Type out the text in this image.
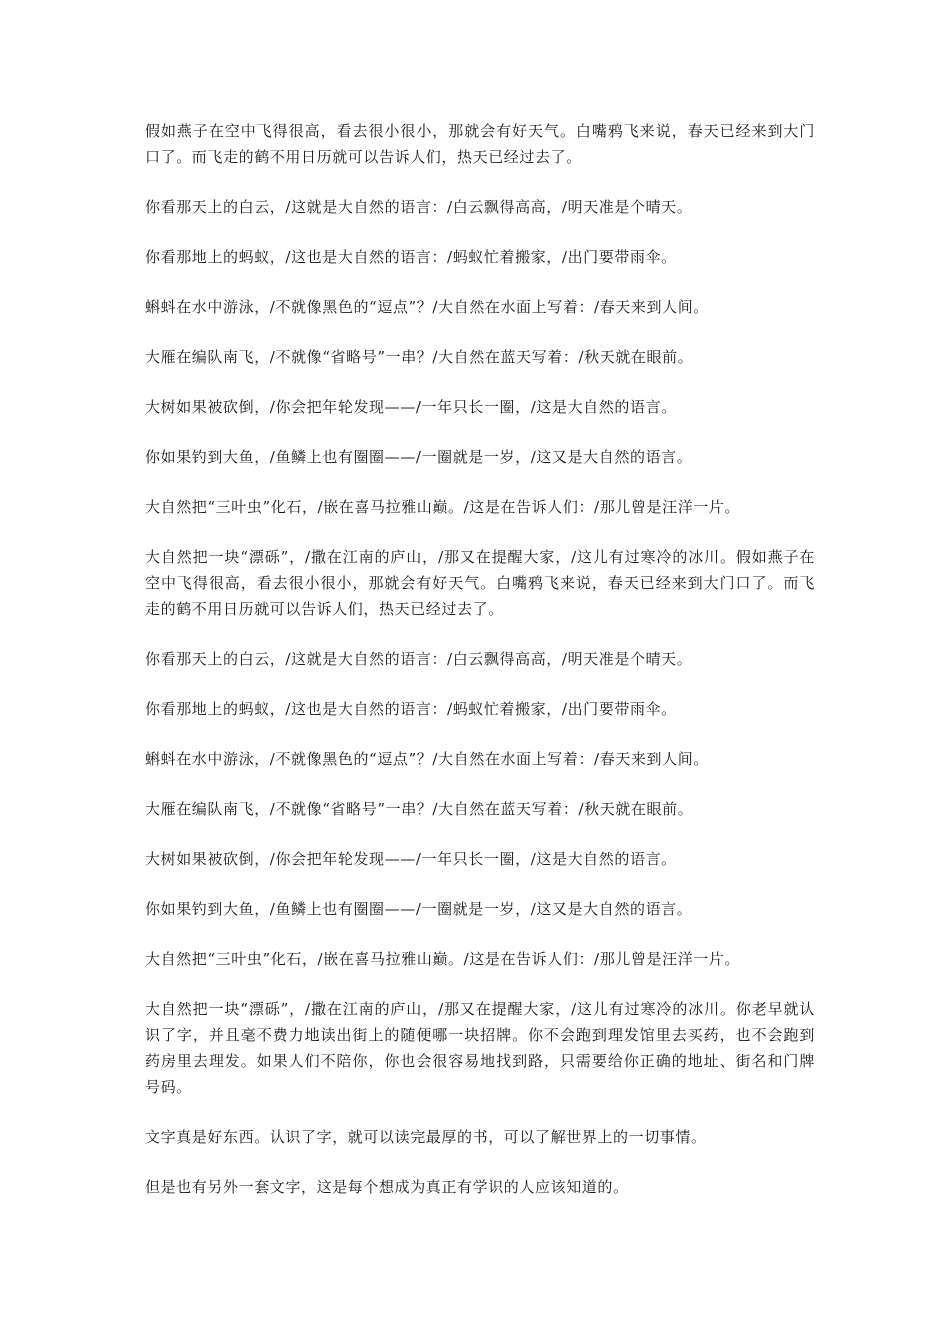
假如燕子在空中飞得很高，看去很小很小，那就会有好天气。白嘴鸦飞来说，春天已经来到大门口了。而飞走的鹤不用日历就可以告诉人们，热天已经过去了。

你看那天上的白云，/这就是大自然的语言：/白云飘得高高，/明天准是个晴天。

你看那地上的蚂蚁，/这也是大自然的语言：/蚂蚁忙着搬家，/出门要带雨伞。

蝌蚪在水中游泳，/不就像黑色的“逗点”？/大自然在水面上写着：/春天来到人间。

大雁在编队南飞，/不就像“省略号”一串？/大自然在蓝天写着：/秋天就在眼前。

大树如果被砍倒，/你会把年轮发现——/一年只长一圈，/这是大自然的语言。

你如果钓到大鱼，/鱼鳞上也有圈圈——/一圈就是一岁，/这又是大自然的语言。

大自然把“三叶虫”化石，/嵌在喜马拉雅山巅。/这是在告诉人们：/那儿曾是汪洋一片。

大自然把一块“漂砾”，/撒在江南的庐山，/那又在提醒大家，/这儿有过寒冷的冰川。假如燕子在空中飞得很高，看去很小很小，那就会有好天气。白嘴鸦飞来说，春天已经来到大门口了。而飞走的鹤不用日历就可以告诉人们，热天已经过去了。

你看那天上的白云，/这就是大自然的语言：/白云飘得高高，/明天准是个晴天。

你看那地上的蚂蚁，/这也是大自然的语言：/蚂蚁忙着搬家，/出门要带雨伞。

蝌蚪在水中游泳，/不就像黑色的“逗点”？/大自然在水面上写着：/春天来到人间。

大雁在编队南飞，/不就像“省略号”一串？/大自然在蓝天写着：/秋天就在眼前。

大树如果被砍倒，/你会把年轮发现——/一年只长一圈，/这是大自然的语言。

你如果钓到大鱼，/鱼鳞上也有圈圈——/一圈就是一岁，/这又是大自然的语言。

大自然把“三叶虫”化石，/嵌在喜马拉雅山巅。/这是在告诉人们：/那儿曾是汪洋一片。

大自然把一块“漂砾”，/撒在江南的庐山，/那又在提醒大家，/这儿有过寒冷的冰川。你老早就认识了字，并且毫不费力地读出街上的随便哪一块招牌。你不会跑到理发馆里去买药，也不会跑到药房里去理发。如果人们不陪你，你也会很容易地找到路，只需要给你正确的地址、街名和门牌号码。

文字真是好东西。认识了字，就可以读完最厚的书，可以了解世界上的一切事情。

但是也有另外一套文字，这是每个想成为真正有学识的人应该知道的。
